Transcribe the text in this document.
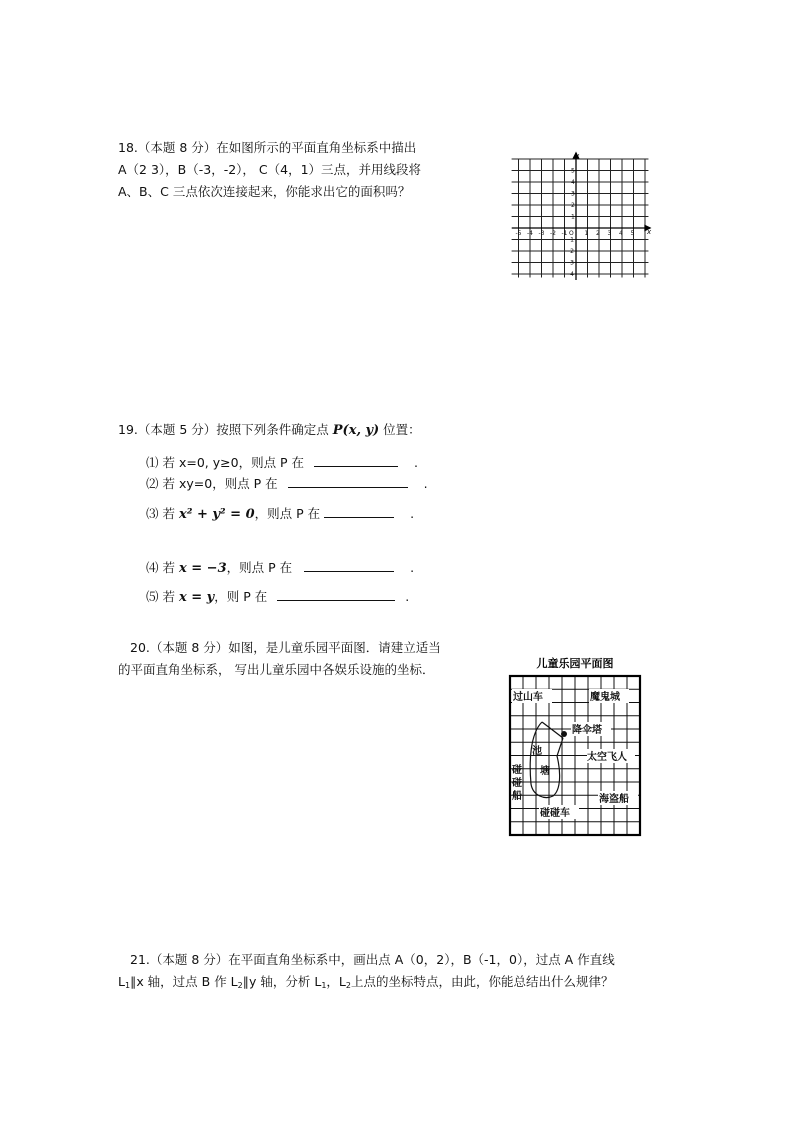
18.（本题 8 分）在如图所示的平面直角坐标系中描出
A（2 3），B（-3，-2）， C（4，1）三点，并用线段将
A、B、C 三点依次连接起来，你能求出它的面积吗？
-5 -4 -3 -2 -1 O 1 2 3 4 5
5
4
3
2
1
-1
-2
-3
-4
x
y
19.（本题 5 分）按照下列条件确定点 P(x, y) 位置：
⑴ 若 x=0, y≥0，则点 P 在	.
⑵ 若 xy=0，则点 P 在	.
⑶ 若 x² + y² = 0，则点 P 在	.
⑷ 若 x = −3，则点 P 在	.
⑸ 若 x = y，则 P 在	.
20.（本题 8 分）如图，是儿童乐园平面图．请建立适当
的平面直角坐标系， 写出儿童乐园中各娱乐设施的坐标．	儿童乐园平面图
过山车	魔鬼城
降伞塔
池
塘
太空飞人
碰
碰
船	海盗船
碰碰车
21.（本题 8 分）在平面直角坐标系中，画出点 A（0，2），B（-1，0），过点 A 作直线
$L_1\parallel x$ 轴，过点 B 作 $L_2\parallel y$ 轴，分析 $L_1$，$L_2$上点的坐标特点，由此，你能总结出什么规律？
